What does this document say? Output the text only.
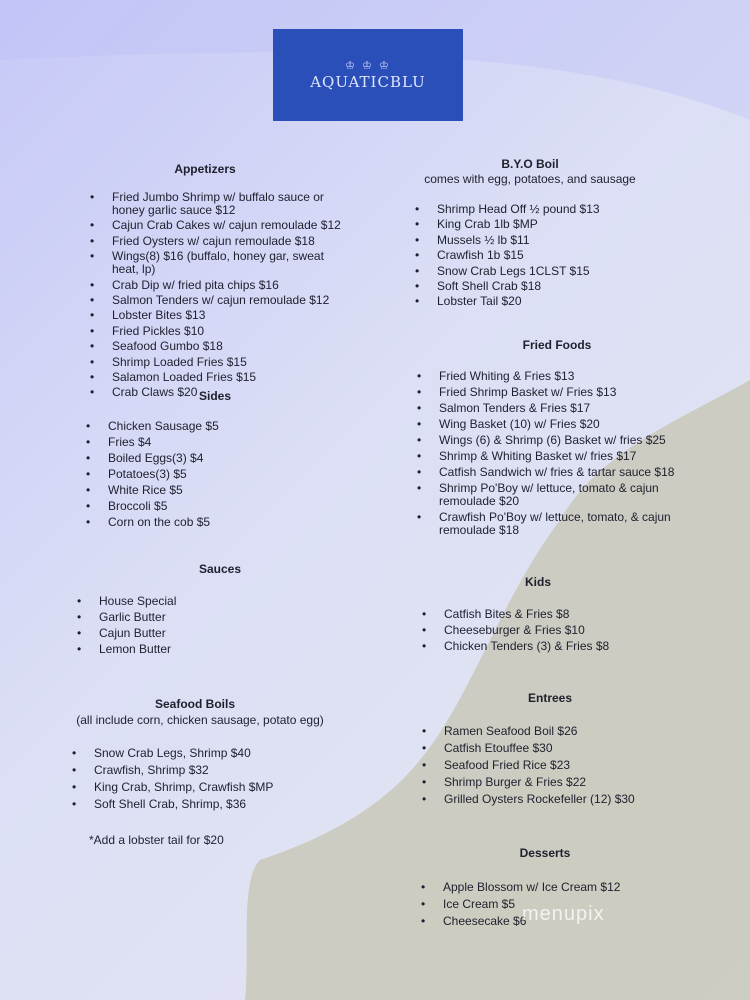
♔ ♔ ♔
AQUATICBLU
Appetizers
• Fried Jumbo Shrimp w/ buffalo sauce or honey garlic sauce $12
• Cajun Crab Cakes w/ cajun remoulade $12
• Fried Oysters w/ cajun remoulade $18
• Wings(8) $16 (buffalo, honey gar, sweat heat, lp)
• Crab Dip w/ fried pita chips $16
• Salmon Tenders w/ cajun remoulade $12
• Lobster Bites $13
• Fried Pickles $10
• Seafood Gumbo $18
• Shrimp Loaded Fries $15
• Salamon Loaded Fries $15
• Crab Claws $20 Sides
• Chicken Sausage $5
• Fries $4
• Boiled Eggs(3) $4
• Potatoes(3) $5
• White Rice $5
• Broccoli $5
• Corn on the cob $5
Sauces
• House Special
• Garlic Butter
• Cajun Butter
• Lemon Butter
Seafood Boils
(all include corn, chicken sausage, potato egg)
• Snow Crab Legs, Shrimp $40
• Crawfish, Shrimp $32
• King Crab, Shrimp, Crawfish $MP
• Soft Shell Crab, Shrimp, $36
*Add a lobster tail for $20
B.Y.O Boil
comes with egg, potatoes, and sausage
• Shrimp Head Off ½ pound $13
• King Crab 1lb $MP
• Mussels ½ lb $11
• Crawfish 1b $15
• Snow Crab Legs 1CLST $15
• Soft Shell Crab $18
• Lobster Tail $20
Fried Foods
• Fried Whiting & Fries $13
• Fried Shrimp Basket w/ Fries $13
• Salmon Tenders & Fries $17
• Wing Basket (10) w/ Fries $20
• Wings (6) & Shrimp (6) Basket w/ fries $25
• Shrimp & Whiting Basket w/ fries $17
• Catfish Sandwich w/ fries & tartar sauce $18
• Shrimp Po'Boy w/ lettuce, tomato & cajun remoulade $20
• Crawfish Po'Boy w/ lettuce, tomato, & cajun remoulade $18
Kids
• Catfish Bites & Fries $8
• Cheeseburger & Fries $10
• Chicken Tenders (3) & Fries $8
Entrees
• Ramen Seafood Boil $26
• Catfish Etouffee $30
• Seafood Fried Rice $23
• Shrimp Burger & Fries $22
• Grilled Oysters Rockefeller (12) $30
Desserts
• Apple Blossom w/ Ice Cream $12
• Ice Cream $5
• Cheesecake $6
menupix
